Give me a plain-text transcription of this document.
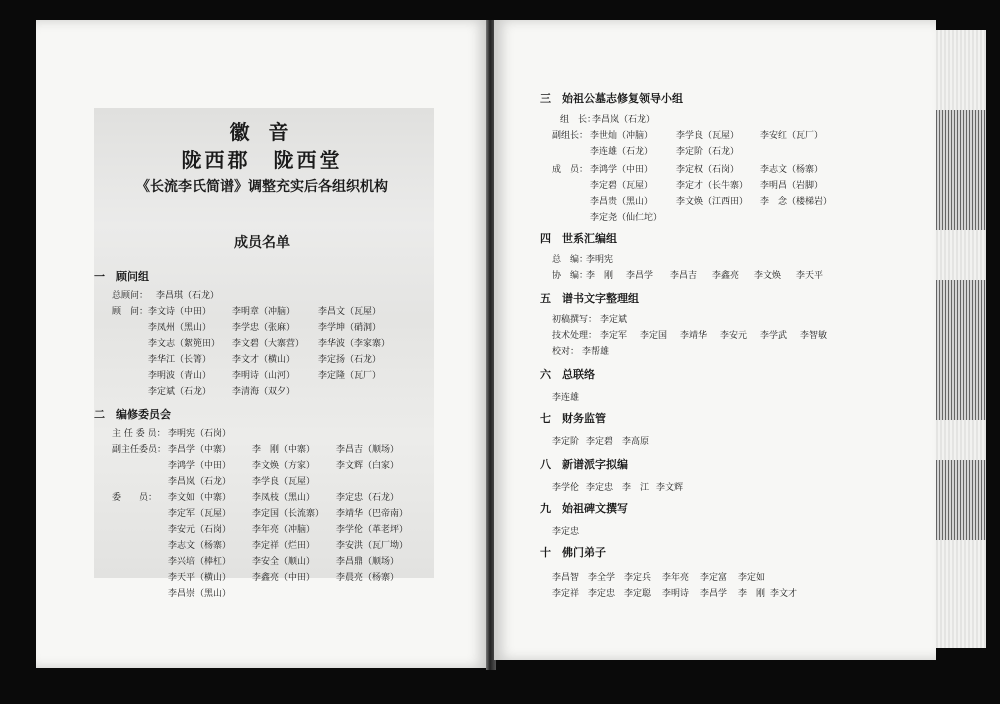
徽 音
陇西郡　陇西堂
《长流李氏简谱》调整充实后各组织机构
成员名单
一　顾问组
总顾问： 李昌琪（石龙）
顾　问： 李文诗（中田） 李明章（冲脑）	李昌文（瓦屋）
李凤州（黑山） 李学忠（张麻）	李学坤（硝洞）
李文志（絮篼田） 李文碧（大寨营） 李华波（李家寨）
李华江（长箐） 李文才（横山）	李定扬（石龙）
李明波（青山） 李明诗（山河）	李定隆（瓦厂）
李定斌（石龙） 李清海（双夕）
二　编修委员会
主 任 委 员： 李明宪（石岗）
副主任委员： 李昌学（中寨） 李　刚（中寨） 李昌吉（顺场）
李鸿学（中田） 李文焕（方家） 李文辉（白家）
李昌岚（石龙） 李学良（瓦屋）
委　　员： 李文如（中寨） 李凤枝（黑山） 李定忠（石龙）
李定军（瓦屋） 李定国（长流寨） 李靖华（巴帝南）
李安元（石岗） 李年亮（冲脑） 李学伦（革老坪）
李志文（杨寨） 李定祥（烂田） 李安洪（瓦厂坳）
李兴培（棒杠） 李安全（顺山） 李昌鼎（顺场）
李天平（横山） 李鑫亮（中田） 李晨亮（杨寨）
李昌崇（黑山）
三　始祖公墓志修复领导小组
组　长：
李昌岚（石龙）
副组长： 李世灿（冲脑）	李学良（瓦屋） 李安红（瓦厂）
李连雄（石龙）	李定阶（石龙）
成　员： 李鸿学（中田）	李定权（石岗） 李志文（杨寨）
李定碧（瓦屋）	李定才（长牛寨） 李明昌（岩脚）
李昌贵（黑山）	李文焕（江西田） 李　念（楼梯岩）
李定尧（仙仁坨）
四　世系汇编组
总　编：
李明宪
协　编：
李　刚 李昌学 李昌吉 李鑫亮 李文焕 李天平
五　谱书文字整理组
初稿撰写： 李定斌
技术处理： 李定军 李定国 李靖华 李安元 李学武 李智敏
校对： 李帮雄
六　总联络
李连雄
七　财务监管
李定阶 李定碧 李高原
八　新谱派字拟编
李学伦 李定忠 李　江 李文辉
九　始祖碑文撰写
李定忠
十　佛门弟子
李昌智 李全学 李定兵 李年亮 李定富 李定如
李定祥 李定忠 李定聪 李明诗 李昌学 李　刚 李文才
